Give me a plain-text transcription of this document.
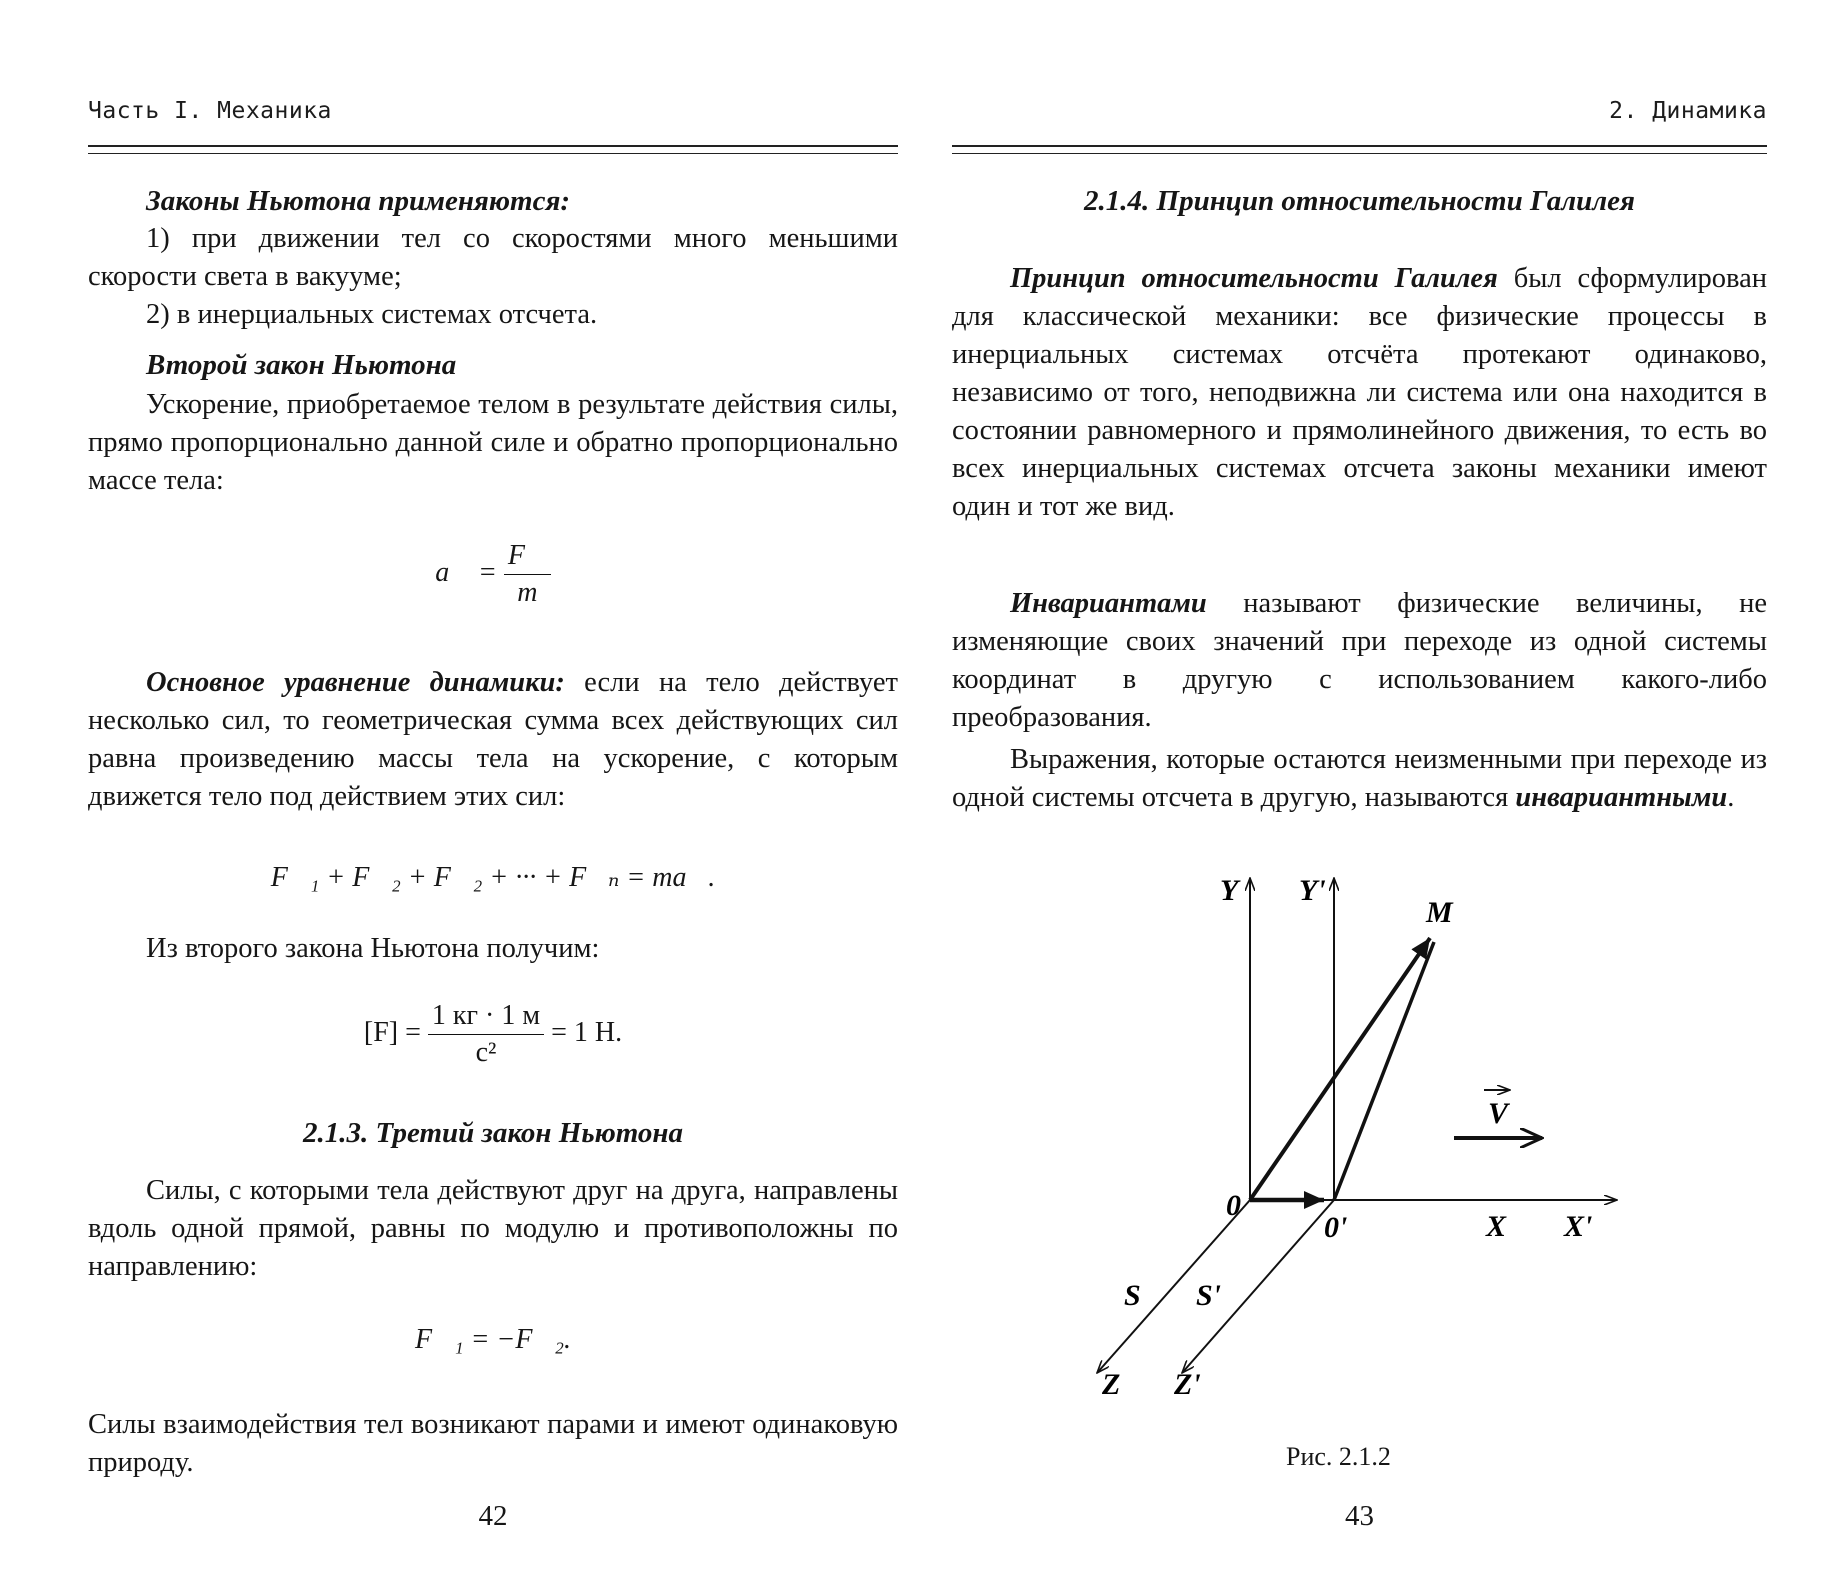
Часть I. Механика

Законы Ньютона применяются:

1) при движении тел со скоростями много меньшими скорости света в вакууме;

2) в инерциальных системах отсчета.

Второй закон Ньютона

Ускорение, приобретаемое телом в результате действия силы, прямо пропорционально данной силе и обратно пропорционально массе тела:

a⃗ = $\frac{F⃗}{m}$

Основное уравнение динамики: если на тело действует несколько сил, то геометрическая сумма всех действующих сил равна произведению массы тела на ускорение, с которым движется тело под действием этих сил:

F⃗₁ + F⃗₂ + F⃗₂ + ··· + F⃗ₙ = ma⃗.

Из второго закона Ньютона получим:

$[F] = \frac{1 кг \cdot 1 м}{\text{с²}} = 1$ Н.

2.1.3. Третий закон Ньютона

Силы, с которыми тела действуют друг на друга, направлены вдоль одной прямой, равны по модулю и противоположны по направлению:

F⃗₁ = −F⃗₂.

Силы взаимодействия тел возникают парами и имеют одинаковую природу.

42
2. Динамика

2.1.4. Принцип относительности Галилея

Принцип относительности Галилея был сформулирован для классической механики: все физические процессы в инерциальных системах отсчёта протекают одинаково, независимо от того, неподвижна ли система или она находится в состоянии равномерного и прямолинейного движения, то есть во всех инерциальных системах отсчета законы механики имеют один и тот же вид.

Инвариантами называют физические величины, не изменяющие своих значений при переходе из одной системы координат в другую с использованием какого-либо преобразования.

Выражения, которые остаются неизменными при переходе из одной системы отсчета в другую, называются инвариантными.

Y Y'
M
V
0
0'	X X'
S S'
Z Z'
Рис. 2.1.2
43
